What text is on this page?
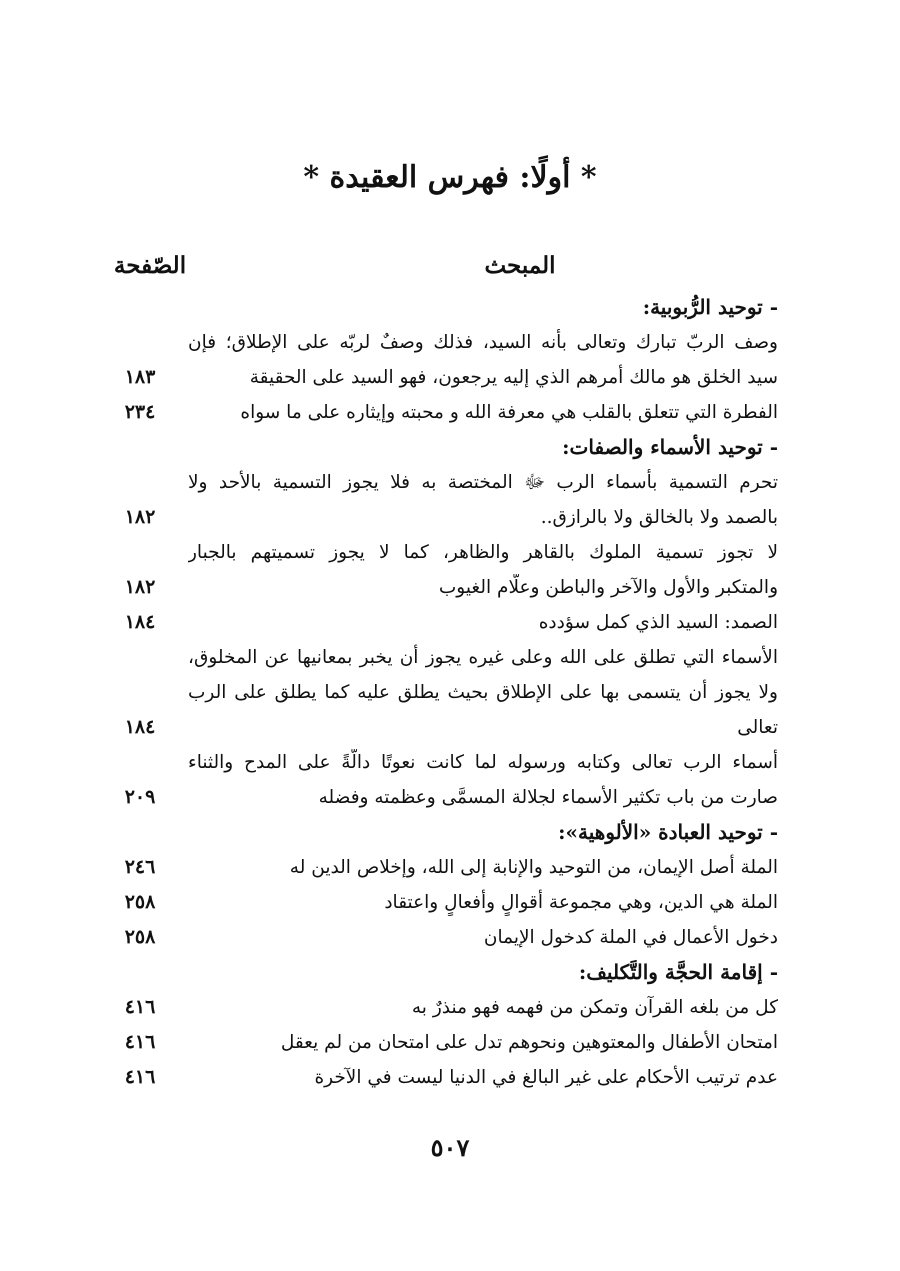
* أولًا: فهرس العقيدة *
المبحث
الصّفحة
- توحيد الرُّبوبية:
وصف الربّ تبارك وتعالى بأنه السيد، فذلك وصفٌ لربّه على الإطلاق؛ فإن
سيد الخلق هو مالك أمرهم الذي إليه يرجعون، فهو السيد على الحقيقة
١٨٣
الفطرة التي تتعلق بالقلب هي معرفة الله و محبته وإيثاره على ما سواه
٢٣٤
- توحيد الأسماء والصفات:
تحرم التسمية بأسماء الرب ﷻ المختصة به فلا يجوز التسمية بالأحد ولا
بالصمد ولا بالخالق ولا بالرازق..
١٨٢
لا تجوز تسمية الملوك بالقاهر والظاهر، كما لا يجوز تسميتهم بالجبار
والمتكبر والأول والآخر والباطن وعلّام الغيوب
١٨٢
الصمد: السيد الذي كمل سؤدده
١٨٤
الأسماء التي تطلق على الله وعلى غيره يجوز أن يخبر بمعانيها عن المخلوق،
ولا يجوز أن يتسمى بها على الإطلاق بحيث يطلق عليه كما يطلق على الرب
تعالى
١٨٤
أسماء الرب تعالى وكتابه ورسوله لما كانت نعوتًا دالّةً على المدح والثناء
صارت من باب تكثير الأسماء لجلالة المسمَّى وعظمته وفضله
٢٠٩
- توحيد العبادة «الألوهية»:
الملة أصل الإيمان، من التوحيد والإنابة إلى الله، وإخلاص الدين له
٢٤٦
الملة هي الدين، وهي مجموعة أقوالٍ وأفعالٍ واعتقاد
٢٥٨
دخول الأعمال في الملة كدخول الإيمان
٢٥٨
- إقامة الحجَّة والتَّكليف:
كل من بلغه القرآن وتمكن من فهمه فهو منذرٌ به
٤١٦
امتحان الأطفال والمعتوهين ونحوهم تدل على امتحان من لم يعقل
٤١٦
عدم ترتيب الأحكام على غير البالغ في الدنيا ليست في الآخرة
٤١٦
٥٠٧
